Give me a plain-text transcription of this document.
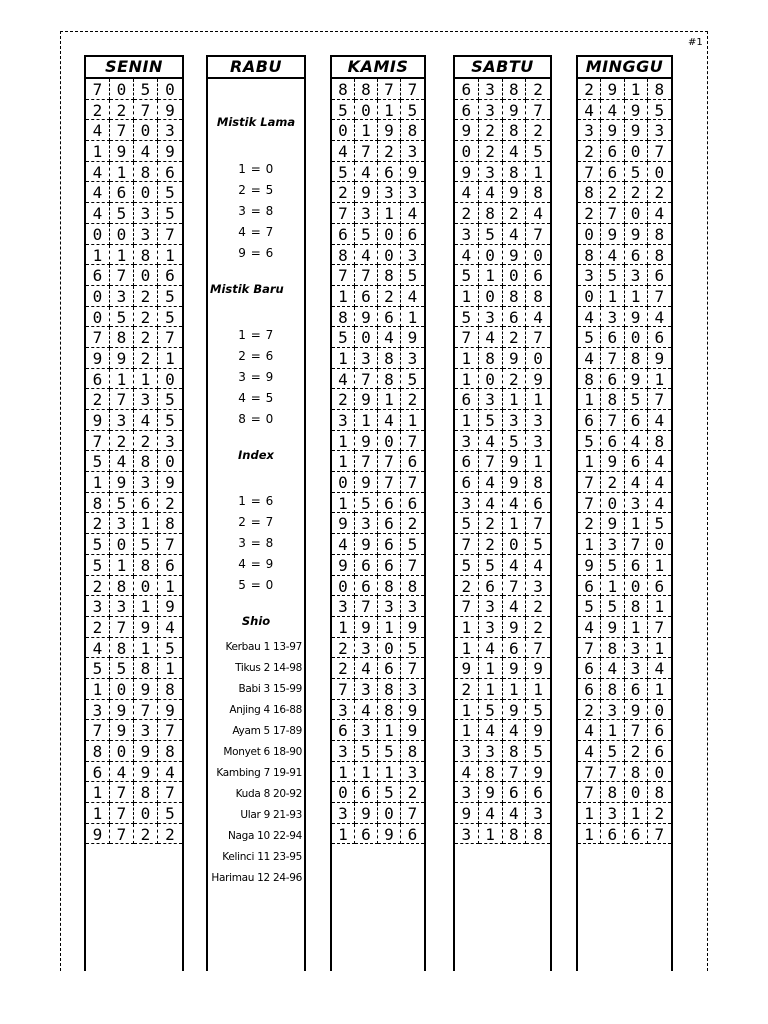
#1
SENIN
7 0 5 0
2 2 7 9
4 7 0 3
1 9 4 9
4 1 8 6
4 6 0 5
4 5 3 5
0 0 3 7
1 1 8 1
6 7 0 6
0 3 2 5
0 5 2 5
7 8 2 7
9 9 2 1
6 1 1 0
2 7 3 5
9 3 4 5
7 2 2 3
5 4 8 0
1 9 3 9
8 5 6 2
2 3 1 8
5 0 5 7
5 1 8 6
2 8 0 1
3 3 1 9
2 7 9 4
4 8 1 5
5 5 8 1
1 0 9 8
3 9 7 9
7 9 3 7
8 0 9 8
6 4 9 4
1 7 8 7
1 7 0 5
9 7 2 2
RABU
Mistik Lama
1 = 0
2 = 5
3 = 8
4 = 7
9 = 6
Mistik Baru
1 = 7
2 = 6
3 = 9
4 = 5
8 = 0
Index
1 = 6
2 = 7
3 = 8
4 = 9
5 = 0
Shio
Kerbau 1 13-97
Tikus 2 14-98
Babi 3 15-99
Anjing 4 16-88
Ayam 5 17-89
Monyet 6 18-90
Kambing 7 19-91
Kuda 8 20-92
Ular 9 21-93
Naga 10 22-94
Kelinci 11 23-95
Harimau 12 24-96
KAMIS
8 8 7 7
5 0 1 5
0 1 9 8
4 7 2 3
5 4 6 9
2 9 3 3
7 3 1 4
6 5 0 6
8 4 0 3
7 7 8 5
1 6 2 4
8 9 6 1
5 0 4 9
1 3 8 3
4 7 8 5
2 9 1 2
3 1 4 1
1 9 0 7
1 7 7 6
0 9 7 7
1 5 6 6
9 3 6 2
4 9 6 5
9 6 6 7
0 6 8 8
3 7 3 3
1 9 1 9
2 3 0 5
2 4 6 7
7 3 8 3
3 4 8 9
6 3 1 9
3 5 5 8
1 1 1 3
0 6 5 2
3 9 0 7
1 6 9 6
SABTU
6 3 8 2
6 3 9 7
9 2 8 2
0 2 4 5
9 3 8 1
4 4 9 8
2 8 2 4
3 5 4 7
4 0 9 0
5 1 0 6
1 0 8 8
5 3 6 4
7 4 2 7
1 8 9 0
1 0 2 9
6 3 1 1
1 5 3 3
3 4 5 3
6 7 9 1
6 4 9 8
3 4 4 6
5 2 1 7
7 2 0 5
5 5 4 4
2 6 7 3
7 3 4 2
1 3 9 2
1 4 6 7
9 1 9 9
2 1 1 1
1 5 9 5
1 4 4 9
3 3 8 5
4 8 7 9
3 9 6 6
9 4 4 3
3 1 8 8
MINGGU
2 9 1 8
4 4 9 5
3 9 9 3
2 6 0 7
7 6 5 0
8 2 2 2
2 7 0 4
0 9 9 8
8 4 6 8
3 5 3 6
0 1 1 7
4 3 9 4
5 6 0 6
4 7 8 9
8 6 9 1
1 8 5 7
6 7 6 4
5 6 4 8
1 9 6 4
7 2 4 4
7 0 3 4
2 9 1 5
1 3 7 0
9 5 6 1
6 1 0 6
5 5 8 1
4 9 1 7
7 8 3 1
6 4 3 4
6 8 6 1
2 3 9 0
4 1 7 6
4 5 2 6
7 7 8 0
7 8 0 8
1 3 1 2
1 6 6 7
